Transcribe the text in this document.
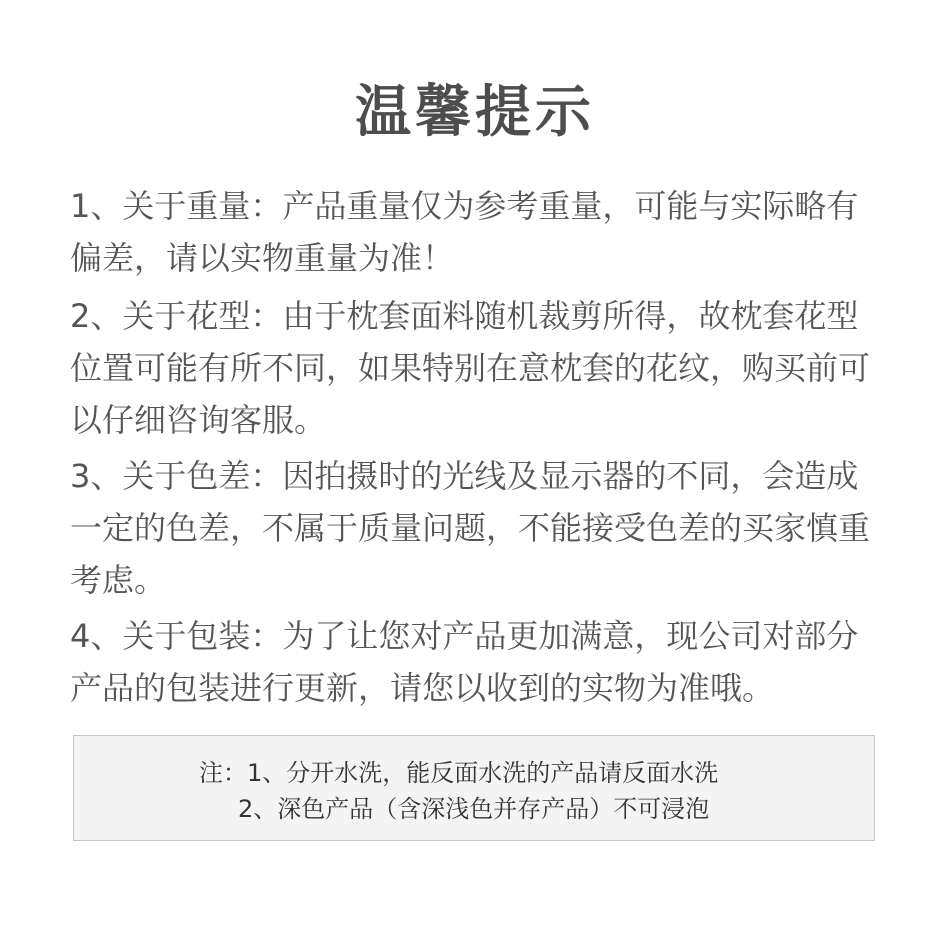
温馨提示

1、关于重量：产品重量仅为参考重量，可能与实际略有偏差，请以实物重量为准！

2、关于花型：由于枕套面料随机裁剪所得，故枕套花型位置可能有所不同，如果特别在意枕套的花纹，购买前可以仔细咨询客服。

3、关于色差：因拍摄时的光线及显示器的不同，会造成一定的色差，不属于质量问题，不能接受色差的买家慎重考虑。

4、关于包装：为了让您对产品更加满意，现公司对部分产品的包装进行更新，请您以收到的实物为准哦。

注：1、分开水洗，能反面水洗的产品请反面水洗
2、深色产品（含深浅色并存产品）不可浸泡
